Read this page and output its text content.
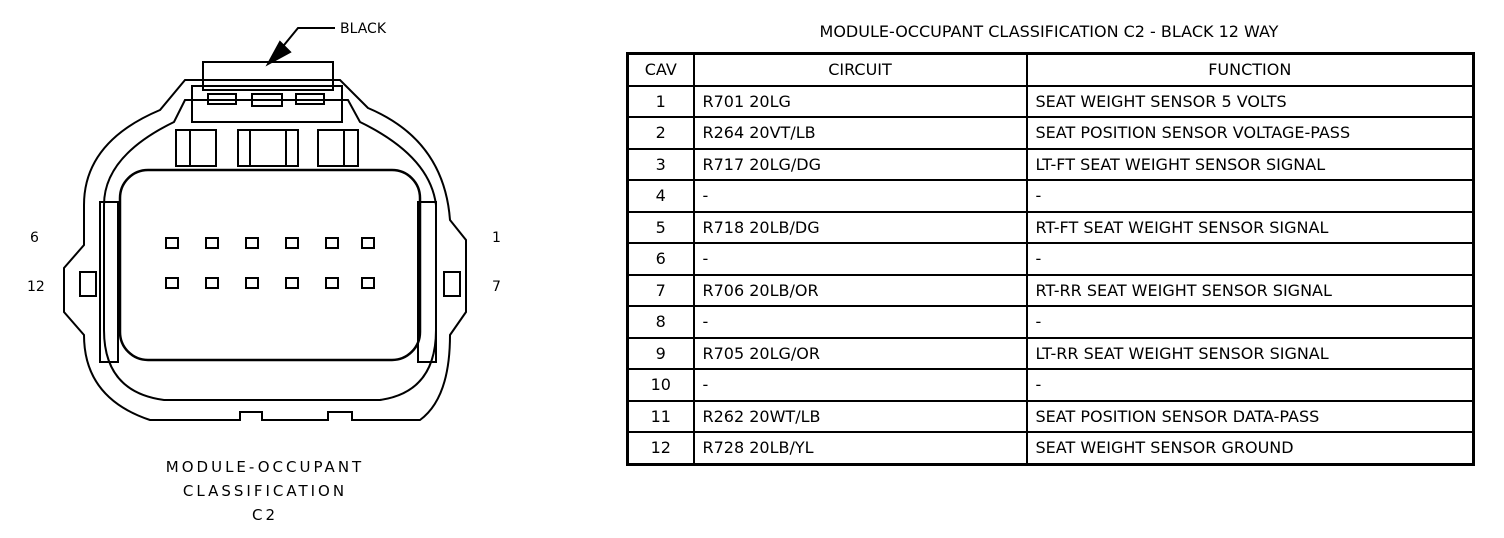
BLACK
6
12
1
7
MODULE-OCCUPANT
CLASSIFICATION
C2
MODULE-OCCUPANT CLASSIFICATION C2 - BLACK 12 WAY
CAV	CIRCUIT	FUNCTION
1	R701 20LG	SEAT WEIGHT SENSOR 5 VOLTS
2	R264 20VT/LB	SEAT POSITION SENSOR VOLTAGE-PASS
3	R717 20LG/DG	LT-FT SEAT WEIGHT SENSOR SIGNAL
4	-	-
5	R718 20LB/DG	RT-FT SEAT WEIGHT SENSOR SIGNAL
6	-	-
7	R706 20LB/OR	RT-RR SEAT WEIGHT SENSOR SIGNAL
8	-	-
9	R705 20LG/OR	LT-RR SEAT WEIGHT SENSOR SIGNAL
10	-	-
11	R262 20WT/LB	SEAT POSITION SENSOR DATA-PASS
12	R728 20LB/YL	SEAT WEIGHT SENSOR GROUND
